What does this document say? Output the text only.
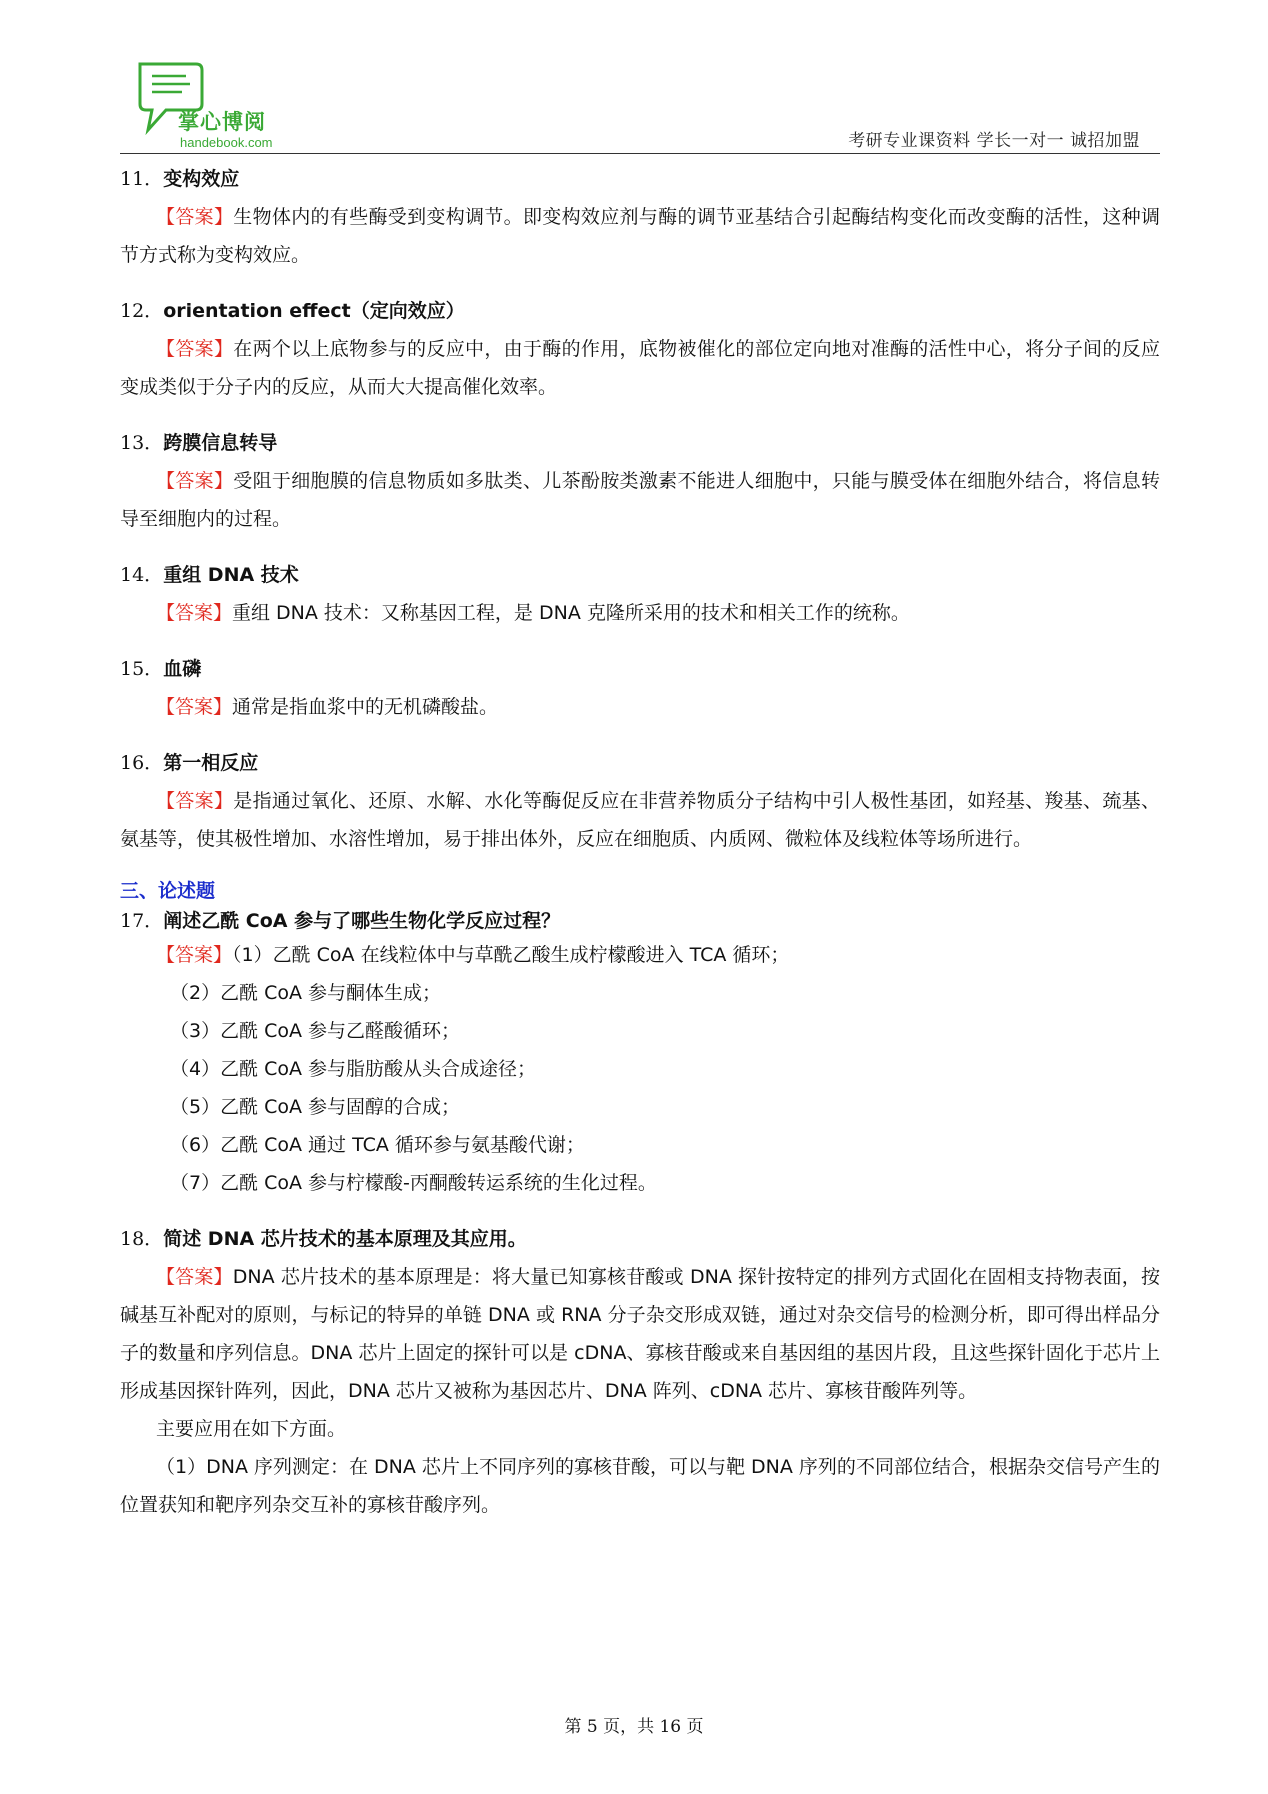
掌心博阅
handebook.com	考研专业课资料 学长一对一 诚招加盟

11．变构效应

【答案】生物体内的有些酶受到变构调节。即变构效应剂与酶的调节亚基结合引起酶结构变化而改变酶的活性，这种调节方式称为变构效应。

12．orientation effect（定向效应）

【答案】在两个以上底物参与的反应中，由于酶的作用，底物被催化的部位定向地对准酶的活性中心，将分子间的反应变成类似于分子内的反应，从而大大提高催化效率。

13．跨膜信息转导

【答案】受阻于细胞膜的信息物质如多肽类、儿茶酚胺类激素不能进人细胞中，只能与膜受体在细胞外结合，将信息转导至细胞内的过程。

14．重组 DNA 技术

【答案】重组 DNA 技术：又称基因工程，是 DNA 克隆所采用的技术和相关工作的统称。

15．血磷

【答案】通常是指血浆中的无机磷酸盐。

16．第一相反应

【答案】是指通过氧化、还原、水解、水化等酶促反应在非营养物质分子结构中引人极性基团，如羟基、羧基、巯基、氨基等，使其极性增加、水溶性增加，易于排出体外，反应在细胞质、内质网、微粒体及线粒体等场所进行。

三、论述题

17．阐述乙酰 CoA 参与了哪些生物化学反应过程？

【答案】（1）乙酰 CoA 在线粒体中与草酰乙酸生成柠檬酸进入 TCA 循环；

（2）乙酰 CoA 参与酮体生成；

（3）乙酰 CoA 参与乙醛酸循环；

（4）乙酰 CoA 参与脂肪酸从头合成途径；

（5）乙酰 CoA 参与固醇的合成；

（6）乙酰 CoA 通过 TCA 循环参与氨基酸代谢；

（7）乙酰 CoA 参与柠檬酸-丙酮酸转运系统的生化过程。

18．简述 DNA 芯片技术的基本原理及其应用。

【答案】DNA 芯片技术的基本原理是：将大量已知寡核苷酸或 DNA 探针按特定的排列方式固化在固相支持物表面，按碱基互补配对的原则，与标记的特异的单链 DNA 或 RNA 分子杂交形成双链，通过对杂交信号的检测分析，即可得出样品分子的数量和序列信息。DNA 芯片上固定的探针可以是 cDNA、寡核苷酸或来自基因组的基因片段，且这些探针固化于芯片上形成基因探针阵列，因此，DNA 芯片又被称为基因芯片、DNA 阵列、cDNA 芯片、寡核苷酸阵列等。

主要应用在如下方面。

（1）DNA 序列测定：在 DNA 芯片上不同序列的寡核苷酸，可以与靶 DNA 序列的不同部位结合，根据杂交信号产生的位置获知和靶序列杂交互补的寡核苷酸序列。

第 5 页，共 16 页
